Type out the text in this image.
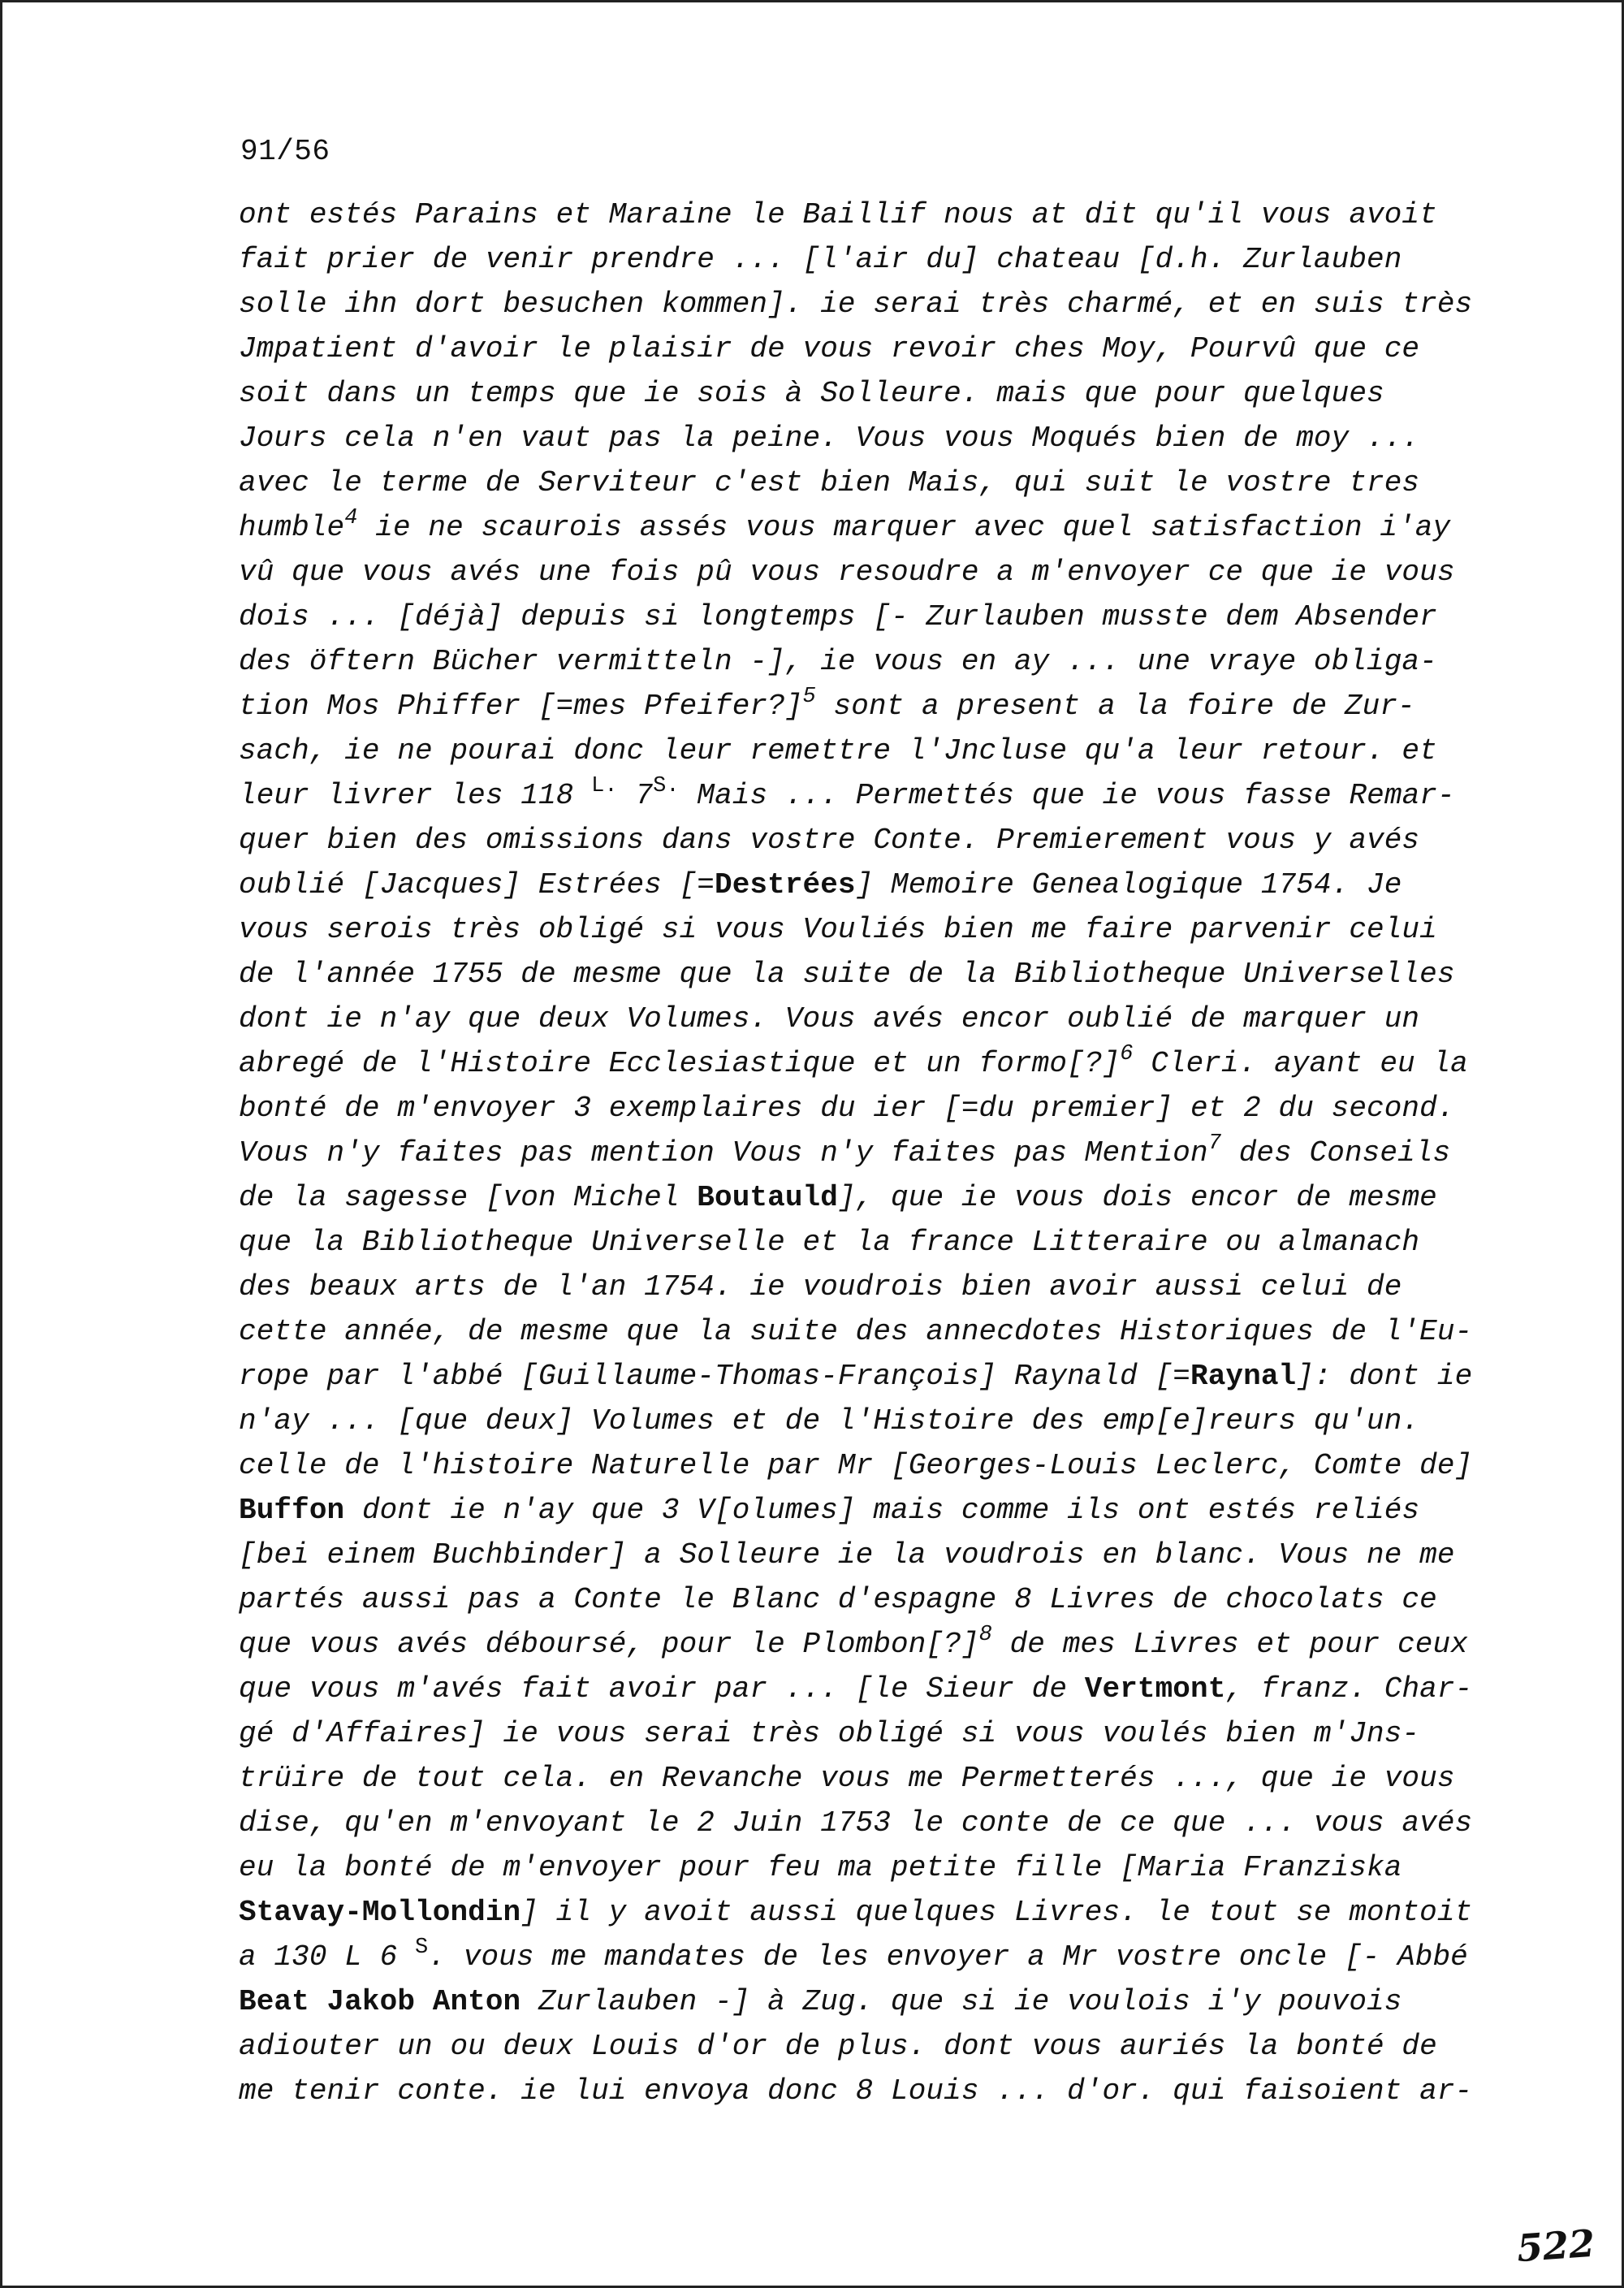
91/56
ont estés Parains et Maraine le Baillif nous at dit qu'il vous avoit
fait prier de venir prendre ... [l'air du] chateau [d.h. Zurlauben
solle ihn dort besuchen kommen]. ie serai très charmé, et en suis très
Jmpatient d'avoir le plaisir de vous revoir ches Moy, Pourvû que ce
soit dans un temps que ie sois à Solleure. mais que pour quelques
Jours cela n'en vaut pas la peine. Vous vous Moqués bien de moy ...
avec le terme de Serviteur c'est bien Mais, qui suit le vostre tres
humble$^4$ ie ne scaurois assés vous marquer avec quel satisfaction i'ay
vû que vous avés une fois pû vous resoudre a m'envoyer ce que ie vous
dois ... [déjà] depuis si longtemps [- Zurlauben musste dem Absender
des öftern Bücher vermitteln -], ie vous en ay ... une vraye obliga-
tion Mos Phiffer [=mes Pfeifer?]$^5$ sont a present a la foire de Zur-
sach, ie ne pourai donc leur remettre l'Jncluse qu'a leur retour. et
leur livrer les 118 $^{L.}$ $7^{S.}$ Mais ... Permettés que ie vous fasse Remar-
quer bien des omissions dans vostre Conte. Premierement vous y avés
oublié [Jacques] Estrées [=Destrées] Memoire Genealogique 1754. Je
vous serois très obligé si vous Vouliés bien me faire parvenir celui
de l'année 1755 de mesme que la suite de la Bibliotheque Universelles
dont ie n'ay que deux Volumes. Vous avés encor oublié de marquer un
abregé de l'Histoire Ecclesiastique et un formo[?]$^6$ Cleri. ayant eu la
bonté de m'envoyer 3 exemplaires du ier [=du premier] et 2 du second.
Vous n'y faites pas mention Vous n'y faites pas Mention$^7$ des Conseils
de la sagesse [von Michel Boutauld], que ie vous dois encor de mesme
que la Bibliotheque Universelle et la france Litteraire ou almanach
des beaux arts de l'an 1754. ie voudrois bien avoir aussi celui de
cette année, de mesme que la suite des annecdotes Historiques de l'Eu-
rope par l'abbé [Guillaume-Thomas-François] Raynald [=Raynal]: dont ie
n'ay ... [que deux] Volumes et de l'Histoire des emp[e]reurs qu'un.
celle de l'histoire Naturelle par Mr [Georges-Louis Leclerc, Comte de]
Buffon dont ie n'ay que 3 V[olumes] mais comme ils ont estés reliés
[bei einem Buchbinder] a Solleure ie la voudrois en blanc. Vous ne me
partés aussi pas a Conte le Blanc d'espagne 8 Livres de chocolats ce
que vous avés déboursé, pour le Plombon[?]$^8$ de mes Livres et pour ceux
que vous m'avés fait avoir par ... [le Sieur de Vertmont, franz. Char-
gé d'Affaires] ie vous serai très obligé si vous voulés bien m'Jns-
trüire de tout cela. en Revanche vous me Permetterés ..., que ie vous
dise, qu'en m'envoyant le 2 Juin 1753 le conte de ce que ... vous avés
eu la bonté de m'envoyer pour feu ma petite fille [Maria Franziska
Stavay-Mollondin] il y avoit aussi quelques Livres. le tout se montoit
a 130 L 6 $^S$. vous me mandates de les envoyer a Mr vostre oncle [- Abbé
Beat Jakob Anton Zurlauben -] à Zug. que si ie voulois i'y pouvois
adiouter un ou deux Louis d'or de plus. dont vous auriés la bonté de
me tenir conte. ie lui envoya donc 8 Louis ... d'or. qui faisoient ar-
522
